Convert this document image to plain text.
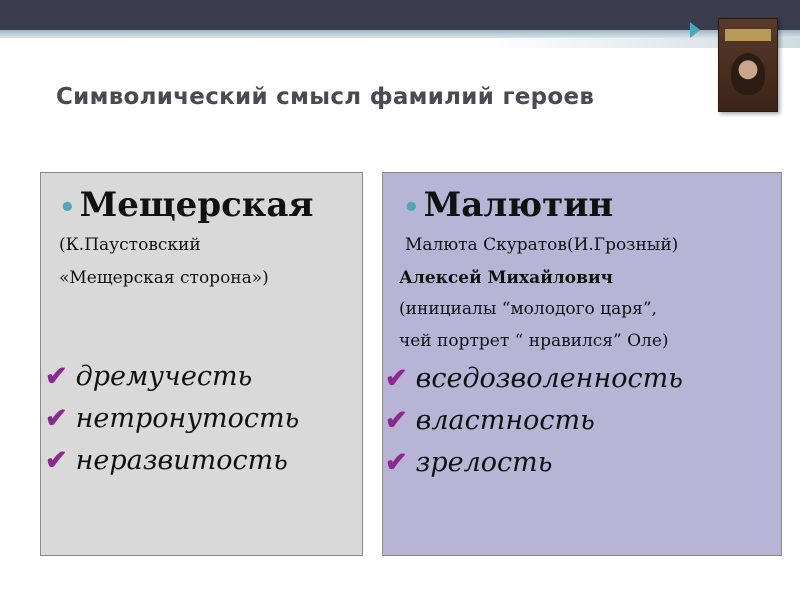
Символический смысл фамилий героев
• Мещерская
(К.Паустовский
«Мещерская сторона»)
✔ дремучесть
✔ нетронутость
✔ неразвитость
• Малютин
Малюта Скуратов(И.Грозный)
Алексей Михайлович
(инициалы “молодого царя”,
чей портрет “ нравился” Оле)
✔ вседозволенность
✔ властность
✔ зрелость
